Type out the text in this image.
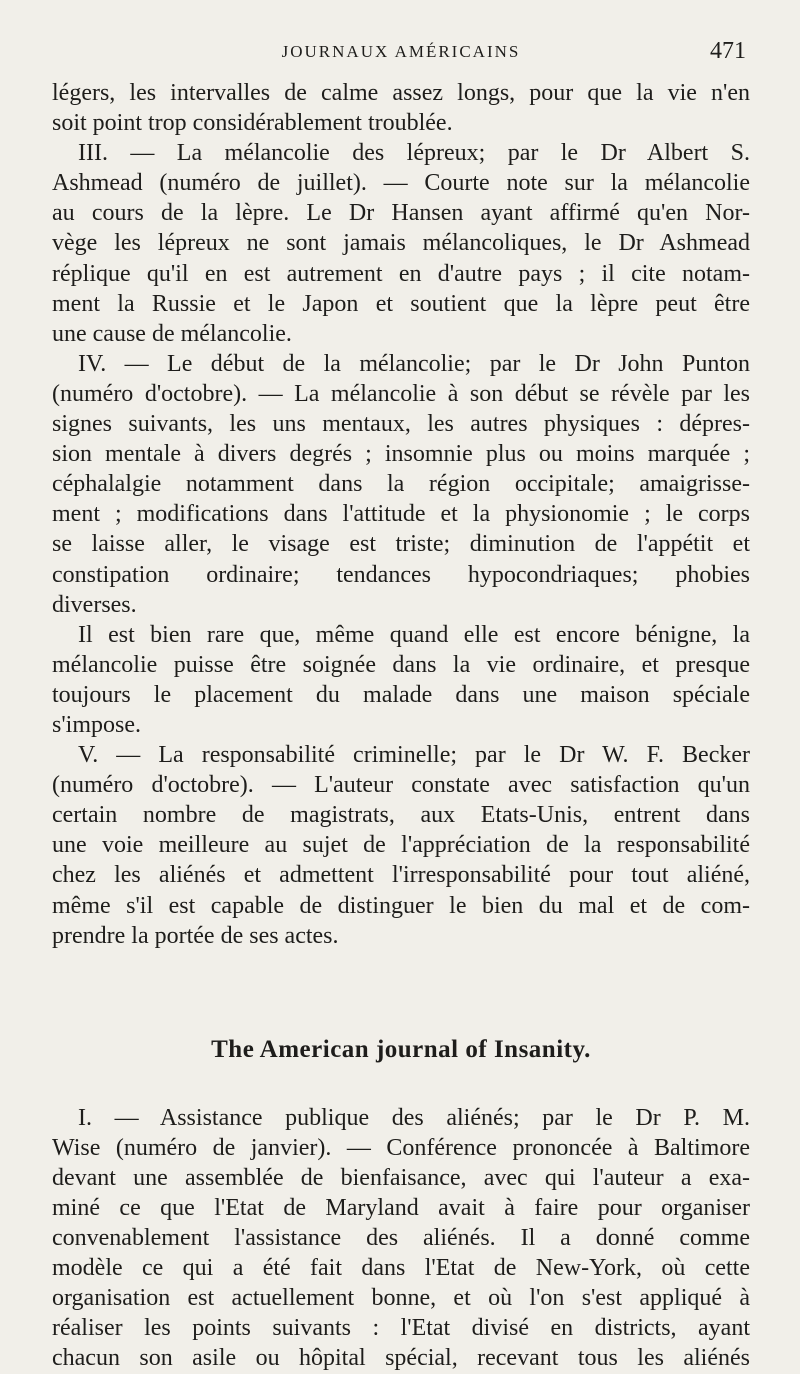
JOURNAUX AMÉRICAINS	471
légers, les intervalles de calme assez longs, pour que la vie n'en
soit point trop considérablement troublée.
III. — La mélancolie des lépreux; par le Dr Albert S.
Ashmead (numéro de juillet). — Courte note sur la mélancolie
au cours de la lèpre. Le Dr Hansen ayant affirmé qu'en Nor-
vège les lépreux ne sont jamais mélancoliques, le Dr Ashmead
réplique qu'il en est autrement en d'autre pays ; il cite notam-
ment la Russie et le Japon et soutient que la lèpre peut être
une cause de mélancolie.
IV. — Le début de la mélancolie; par le Dr John Punton
(numéro d'octobre). — La mélancolie à son début se révèle par les
signes suivants, les uns mentaux, les autres physiques : dépres-
sion mentale à divers degrés ; insomnie plus ou moins marquée ;
céphalalgie notamment dans la région occipitale; amaigrisse-
ment ; modifications dans l'attitude et la physionomie ; le corps
se laisse aller, le visage est triste; diminution de l'appétit et
constipation ordinaire; tendances hypocondriaques; phobies
diverses.
Il est bien rare que, même quand elle est encore bénigne, la
mélancolie puisse être soignée dans la vie ordinaire, et presque
toujours le placement du malade dans une maison spéciale
s'impose.
V. — La responsabilité criminelle; par le Dr W. F. Becker
(numéro d'octobre). — L'auteur constate avec satisfaction qu'un
certain nombre de magistrats, aux Etats-Unis, entrent dans
une voie meilleure au sujet de l'appréciation de la responsabilité
chez les aliénés et admettent l'irresponsabilité pour tout aliéné,
même s'il est capable de distinguer le bien du mal et de com-
prendre la portée de ses actes.
The American journal of Insanity.
I. — Assistance publique des aliénés; par le Dr P. M.
Wise (numéro de janvier). — Conférence prononcée à Baltimore
devant une assemblée de bienfaisance, avec qui l'auteur a exa-
miné ce que l'Etat de Maryland avait à faire pour organiser
convenablement l'assistance des aliénés. Il a donné comme
modèle ce qui a été fait dans l'Etat de New-York, où cette
organisation est actuellement bonne, et où l'on s'est appliqué à
réaliser les points suivants : l'Etat divisé en districts, ayant
chacun son asile ou hôpital spécial, recevant tous les aliénés
